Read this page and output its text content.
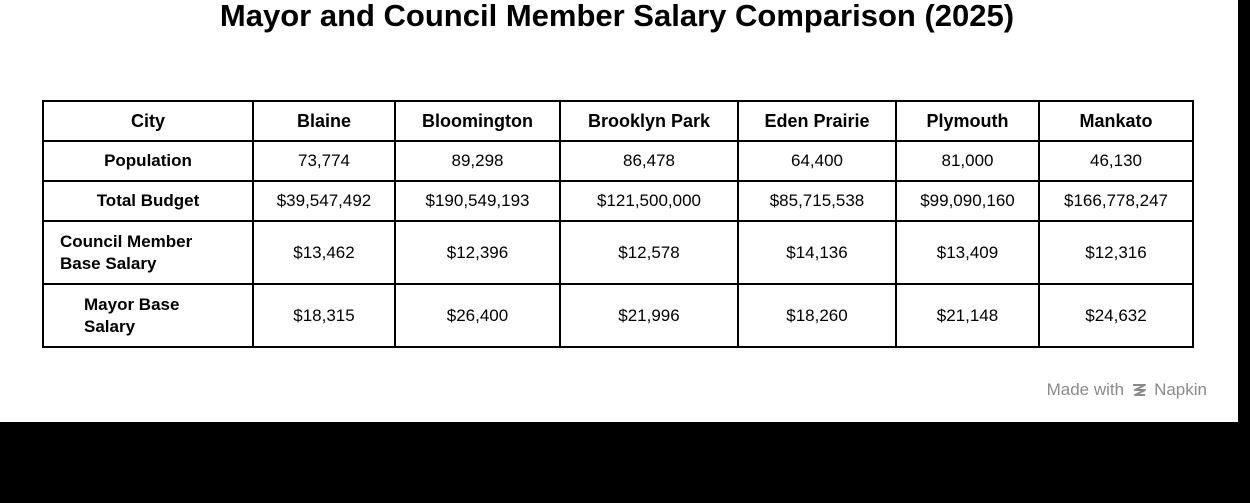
Mayor and Council Member Salary Comparison (2025)
City	Blaine	Bloomington	Brooklyn Park	Eden Prairie	Plymouth	Mankato
Population	73,774	89,298	86,478	64,400	81,000	46,130
Total Budget	$39,547,492	$190,549,193	$121,500,000	$85,715,538	$99,090,160	$166,778,247
Council Member
Base Salary	$13,462	$12,396	$12,578	$14,136	$13,409	$12,316
Mayor Base
Salary	$18,315	$26,400	$21,996	$18,260	$21,148	$24,632
Made with Napkin
